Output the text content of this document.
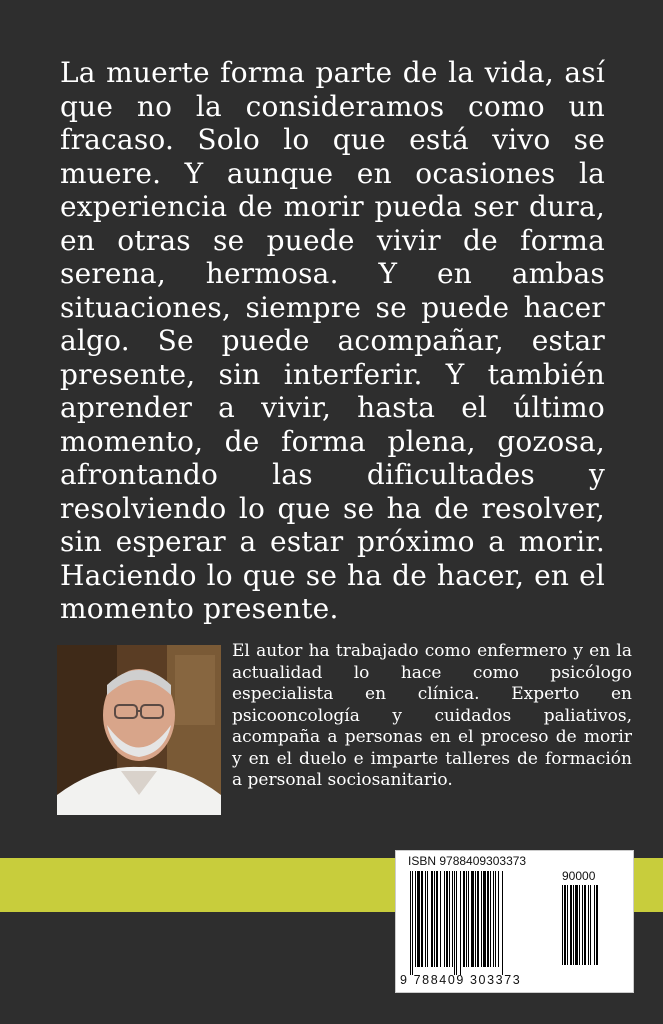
La muerte forma parte de la vida, así que no la consideramos como un fracaso. Solo lo que está vivo se muere. Y aunque en ocasiones la experiencia de morir pueda ser dura, en otras se puede vivir de forma serena, hermosa. Y en ambas situaciones, siempre se puede hacer algo. Se puede acompañar, estar presente, sin interferir. Y también aprender a vivir, hasta el último momento, de forma plena, gozosa, afrontando las dificultades y resolviendo lo que se ha de resolver, sin esperar a estar próximo a morir. Haciendo lo que se ha de hacer, en el momento presente.
El autor ha trabajado como enfermero y en la actualidad lo hace como psicólogo especialista en clínica. Experto en psicooncología y cuidados paliativos, acompaña a personas en el proceso de morir y en el duelo e imparte talleres de formación a personal sociosanitario.
ISBN 9788409303373
90000
9 788409 303373
